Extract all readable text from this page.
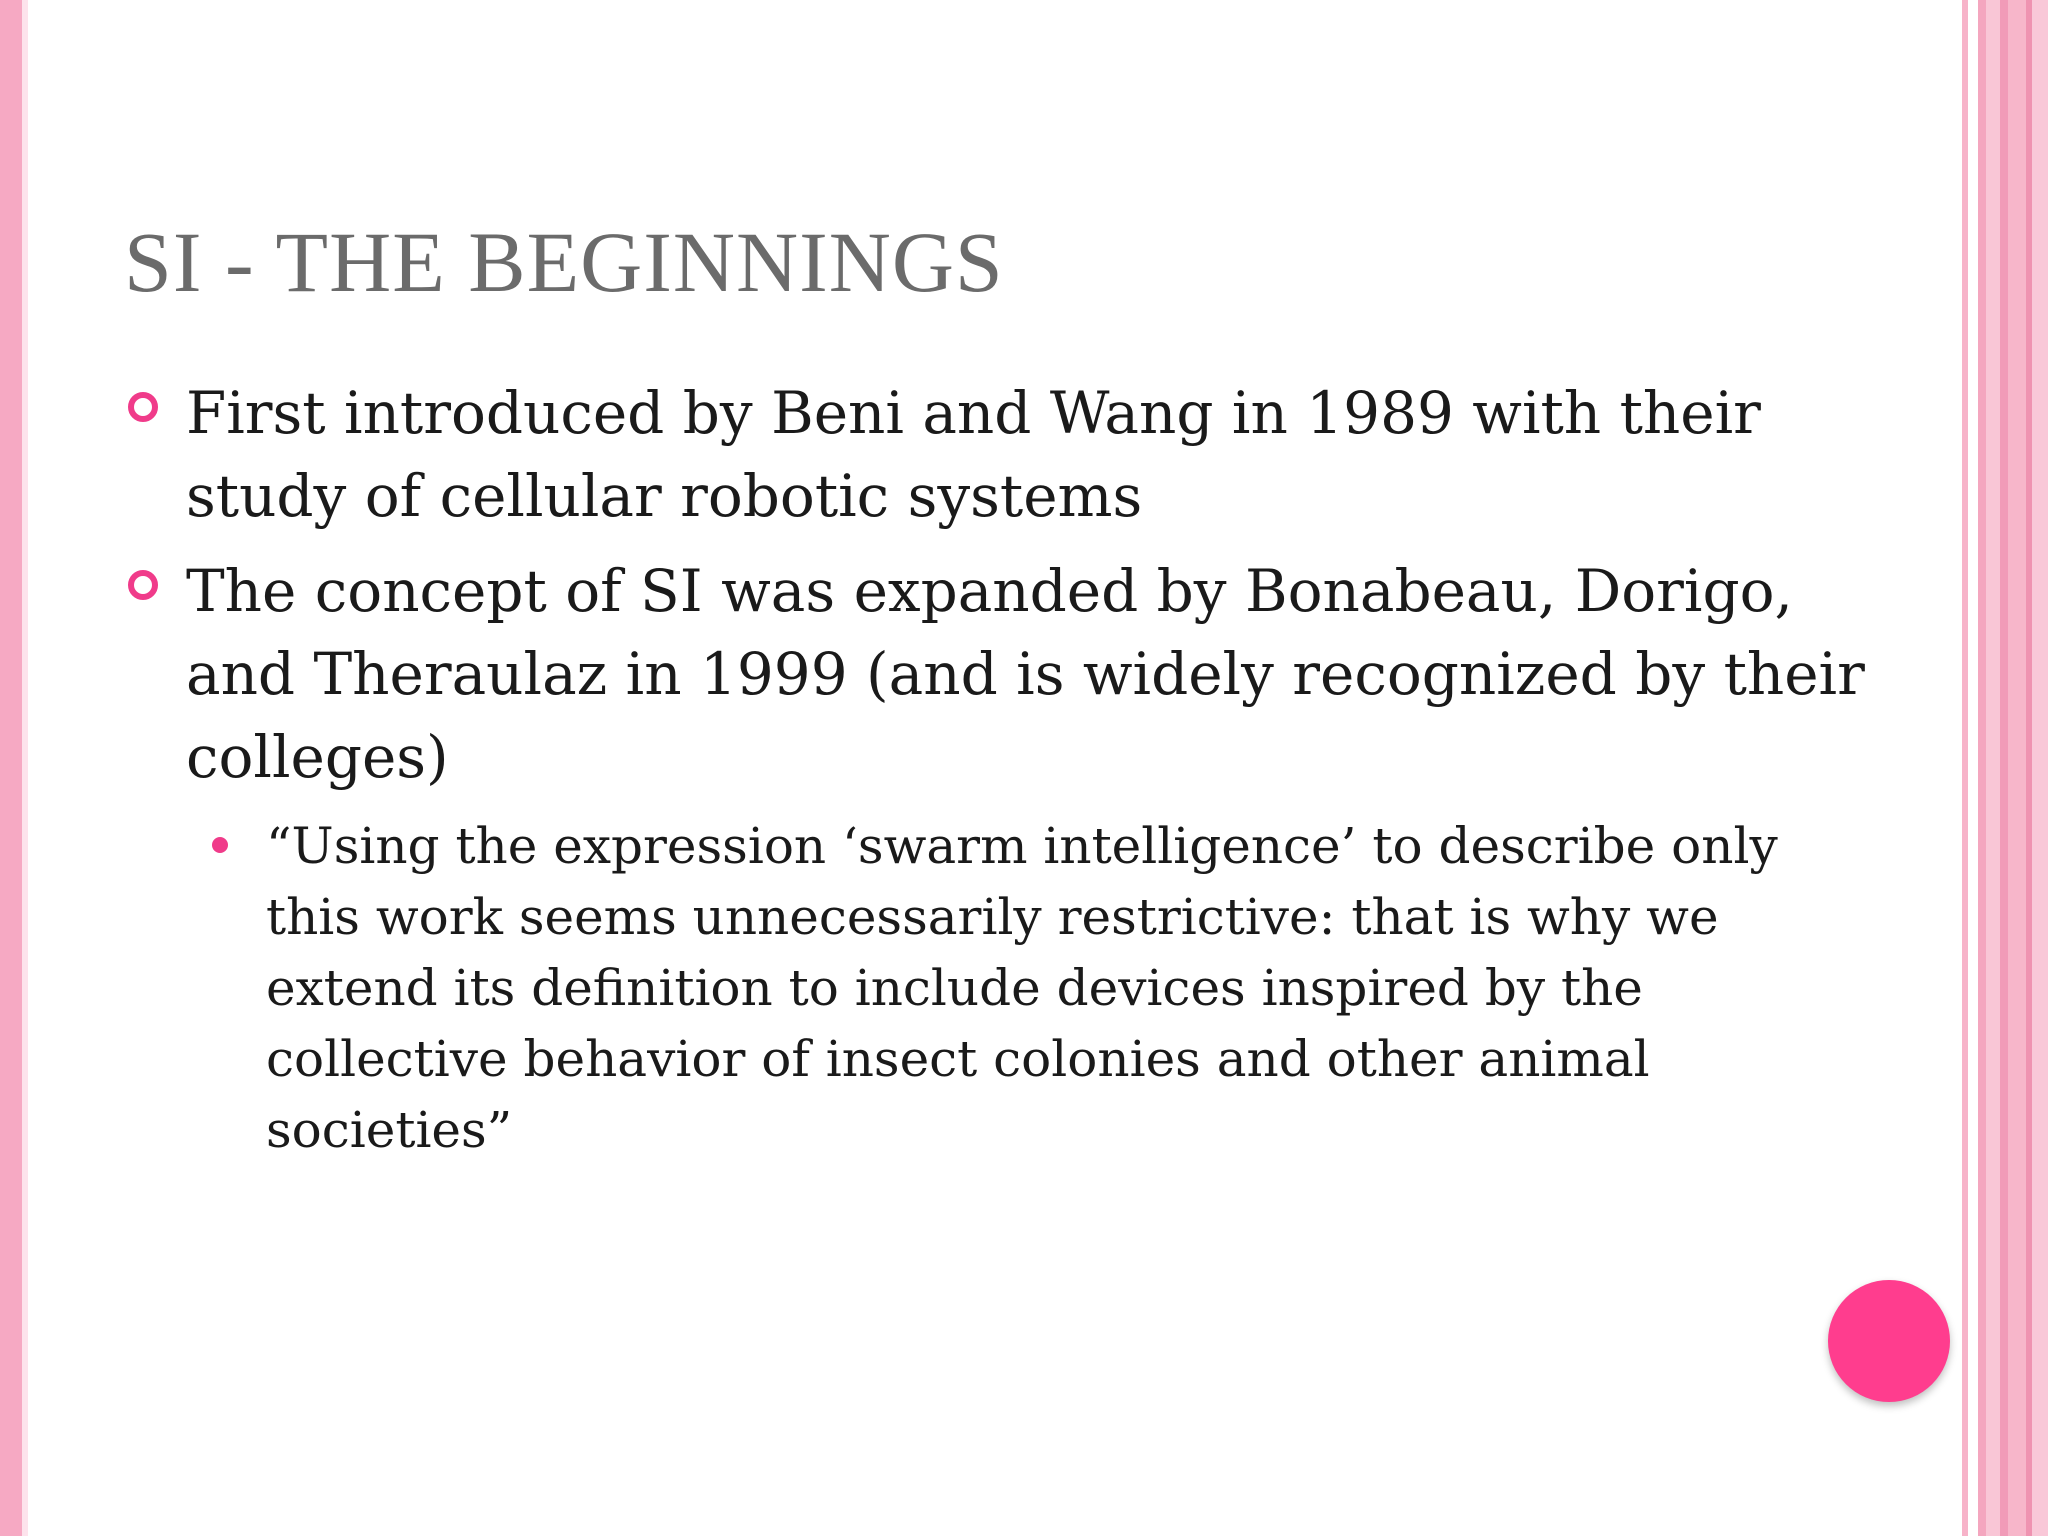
SI - THE BEGINNINGS
First introduced by Beni and Wang in 1989 with their study of cellular robotic systems
The concept of SI was expanded by Bonabeau, Dorigo, and Theraulaz in 1999 (and is widely recognized by their colleges)
“Using the expression ‘swarm intelligence’ to describe only this work seems unnecessarily restrictive: that is why we extend its definition to include devices inspired by the collective behavior of insect colonies and other animal societies”
